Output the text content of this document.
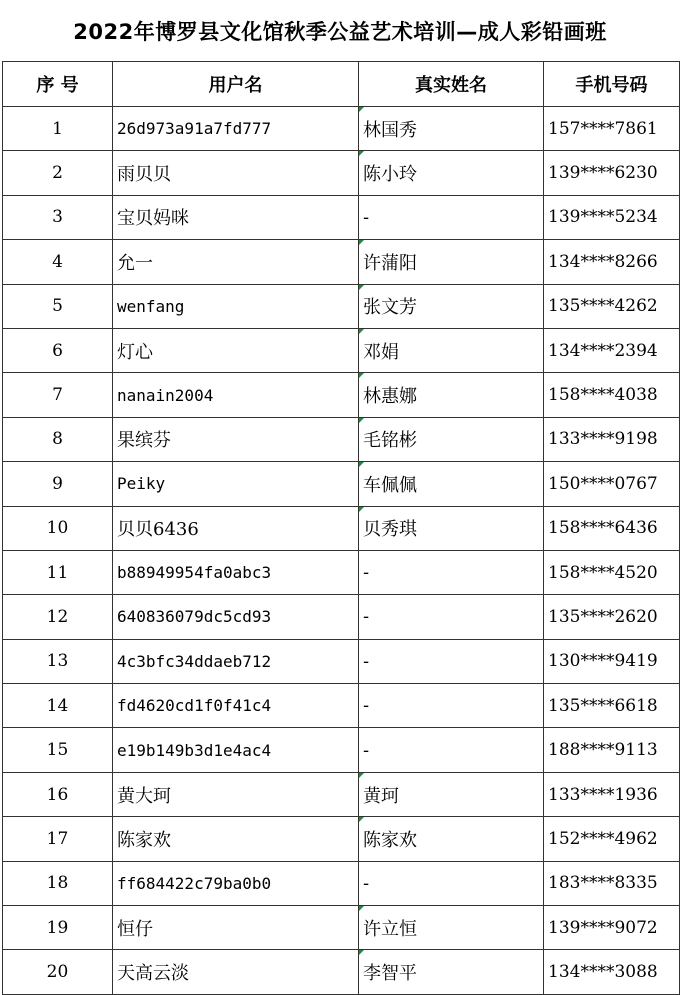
2022年博罗县文化馆秋季公益艺术培训—成人彩铅画班
序 号	用户名	真实姓名	手机号码
1	26d973a91a7fd777	林国秀	157****7861
2	雨贝贝	陈小玲	139****6230
3	宝贝妈咪	-	139****5234
4	允一	许蒲阳	134****8266
5	wenfang	张文芳	135****4262
6	灯心	邓娟	134****2394
7	nanain2004	林惠娜	158****4038
8	果缤芬	毛铭彬	133****9198
9	Peiky	车佩佩	150****0767
10	贝贝6436	贝秀琪	158****6436
11	b88949954fa0abc3	-	158****4520
12	640836079dc5cd93	-	135****2620
13	4c3bfc34ddaeb712	-	130****9419
14	fd4620cd1f0f41c4	-	135****6618
15	e19b149b3d1e4ac4	-	188****9113
16	黄大珂	黄珂	133****1936
17	陈家欢	陈家欢	152****4962
18	ff684422c79ba0b0	-	183****8335
19	恒仔	许立恒	139****9072
20	天高云淡	李智平	134****3088
